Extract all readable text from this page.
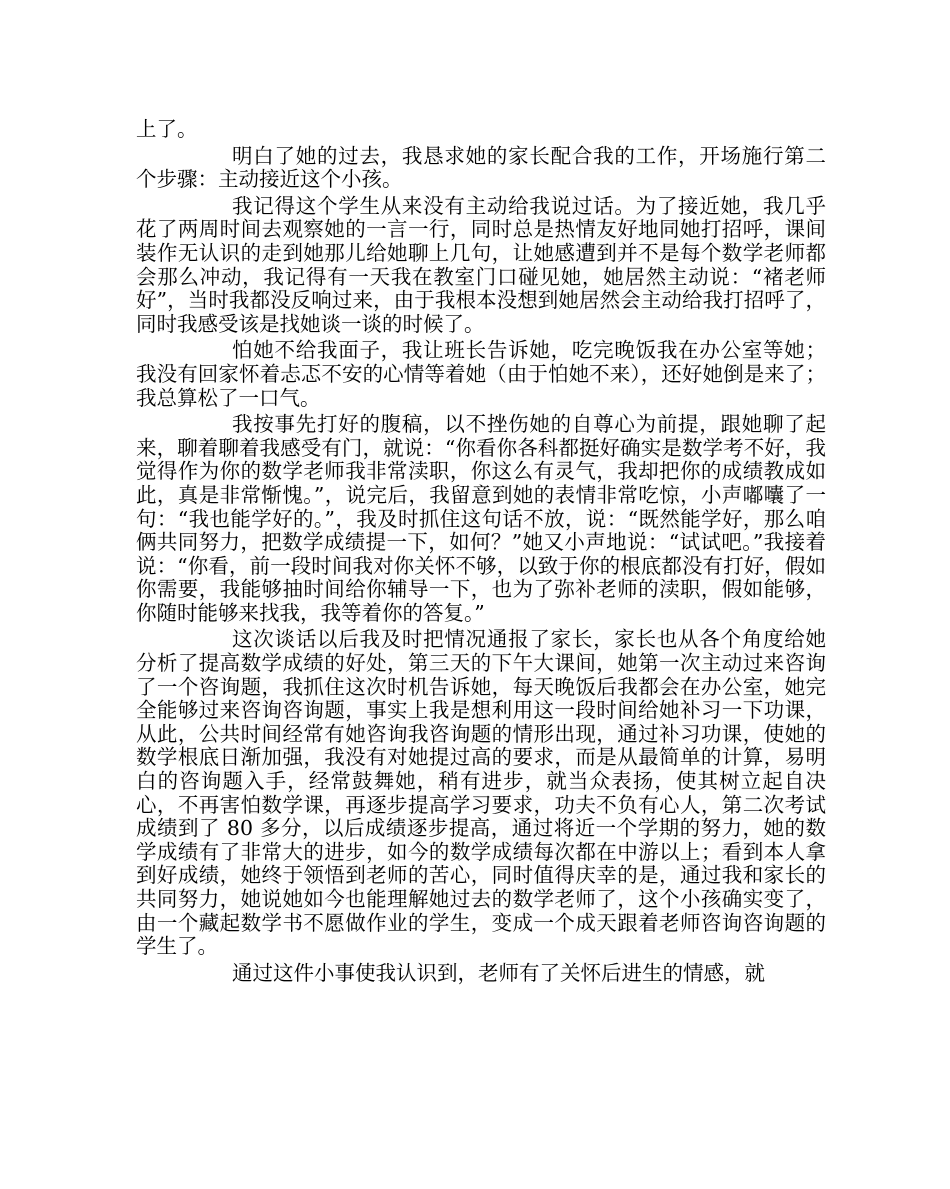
上了。

明白了她的过去，我恳求她的家长配合我的工作，开场施行第二个步骤：主动接近这个小孩。

我记得这个学生从来没有主动给我说过话。为了接近她，我几乎花了两周时间去观察她的一言一行，同时总是热情友好地同她打招呼，课间装作无认识的走到她那儿给她聊上几句，让她感遭到并不是每个数学老师都会那么冲动，我记得有一天我在教室门口碰见她，她居然主动说：“褚老师好”，当时我都没反响过来，由于我根本没想到她居然会主动给我打招呼了，同时我感受该是找她谈一谈的时候了。

怕她不给我面子，我让班长告诉她，吃完晚饭我在办公室等她；我没有回家怀着忐忑不安的心情等着她（由于怕她不来），还好她倒是来了；我总算松了一口气。

我按事先打好的腹稿，以不挫伤她的自尊心为前提，跟她聊了起来，聊着聊着我感受有门，就说：“你看你各科都挺好确实是数学考不好，我觉得作为你的数学老师我非常渎职，你这么有灵气，我却把你的成绩教成如此，真是非常惭愧。”，说完后，我留意到她的表情非常吃惊，小声嘟囔了一句：“我也能学好的。”，我及时抓住这句话不放，说：“既然能学好，那么咱俩共同努力，把数学成绩提一下，如何？”她又小声地说：“试试吧。”我接着说：“你看，前一段时间我对你关怀不够，以致于你的根底都没有打好，假如你需要，我能够抽时间给你辅导一下，也为了弥补老师的渎职，假如能够，你随时能够来找我，我等着你的答复。”

这次谈话以后我及时把情况通报了家长，家长也从各个角度给她分析了提高数学成绩的好处，第三天的下午大课间，她第一次主动过来咨询了一个咨询题，我抓住这次时机告诉她，每天晚饭后我都会在办公室，她完全能够过来咨询咨询题，事实上我是想利用这一段时间给她补习一下功课，从此，公共时间经常有她咨询我咨询题的情形出现，通过补习功课，使她的数学根底日渐加强，我没有对她提过高的要求，而是从最简单的计算，易明白的咨询题入手，经常鼓舞她，稍有进步，就当众表扬，使其树立起自决心，不再害怕数学课，再逐步提高学习要求，功夫不负有心人，第二次考试成绩到了 80 多分，以后成绩逐步提高，通过将近一个学期的努力，她的数学成绩有了非常大的进步，如今的数学成绩每次都在中游以上；看到本人拿到好成绩，她终于领悟到老师的苦心，同时值得庆幸的是，通过我和家长的共同努力，她说她如今也能理解她过去的数学老师了，这个小孩确实变了，由一个藏起数学书不愿做作业的学生，变成一个成天跟着老师咨询咨询题的学生了。

通过这件小事使我认识到，老师有了关怀后进生的情感，就
